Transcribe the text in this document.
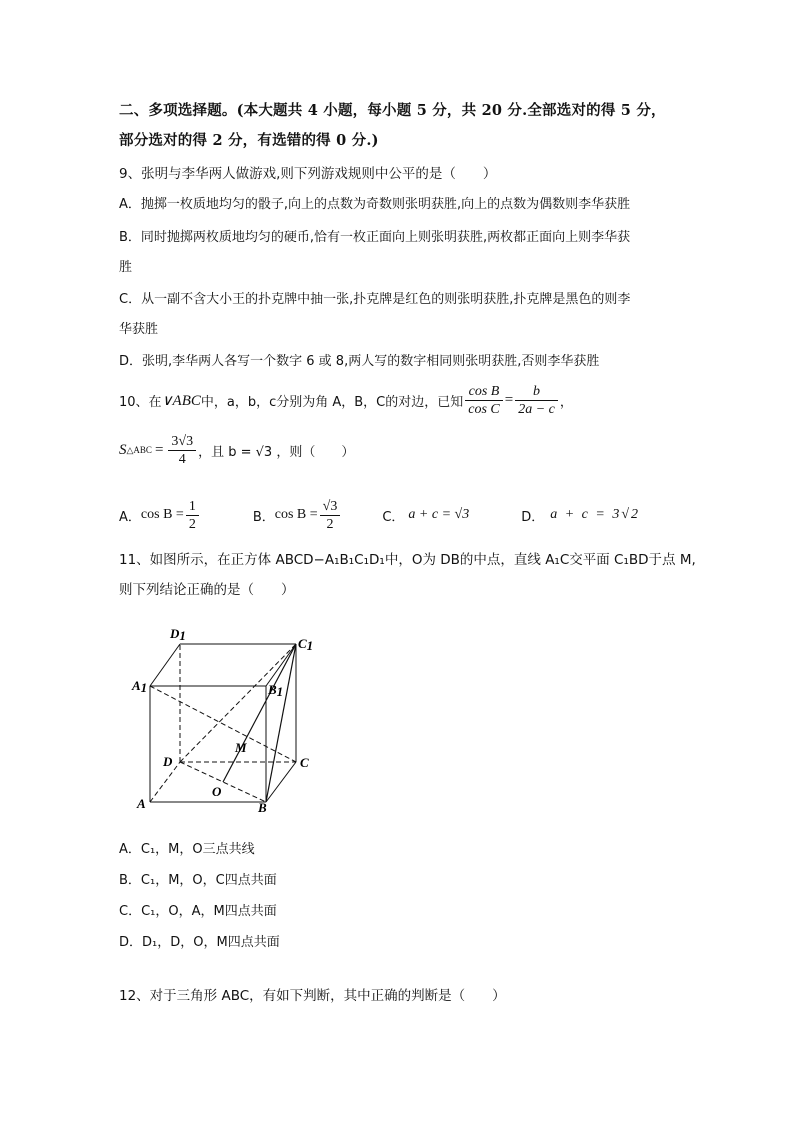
二、多项选择题。(本大题共 4 小题，每小题 5 分，共 20 分.全部选对的得 5 分，
部分选对的得 2 分，有选错的得 0 分.)
9、张明与李华两人做游戏,则下列游戏规则中公平的是（　　）
A．抛掷一枚质地均匀的骰子,向上的点数为奇数则张明获胜,向上的点数为偶数则李华获胜
B．同时抛掷两枚质地均匀的硬币,恰有一枚正面向上则张明获胜,两枚都正面向上则李华获
胜
C．从一副不含大小王的扑克牌中抽一张,扑克牌是红色的则张明获胜,扑克牌是黑色的则李
华获胜
D．张明,李华两人各写一个数字 6 或 8,两人写的数字相同则张明获胜,否则李华获胜
10、在 ∨ABC 中，a，b，c分别为角 A，B，C的对边，已知 $\frac{\text{cos B}}{\text{cos C}} = \frac{b}{2a - c}$ ，
S △ABC = $\frac{3√3}{4}$ ，且 b = √3 ，则（　　）
A． $\cos B = \frac{1}{2}$	B． $\cos B = \frac{√3}{2}$	C． a + c = √3	D． a + c = 3√2
11、如图所示，在正方体 ABCD−A₁B₁C₁D₁中，O为 DB的中点，直线 A₁C交平面 C₁BD于点 M,
则下列结论正确的是（　　）
D1
C1
A1	B1
M
D	C
A
O
B
A．C₁，M，O三点共线
B．C₁，M，O，C四点共面
C．C₁，O，A，M四点共面
D．D₁，D，O，M四点共面
12、对于三角形 ABC，有如下判断，其中正确的判断是（　　）
